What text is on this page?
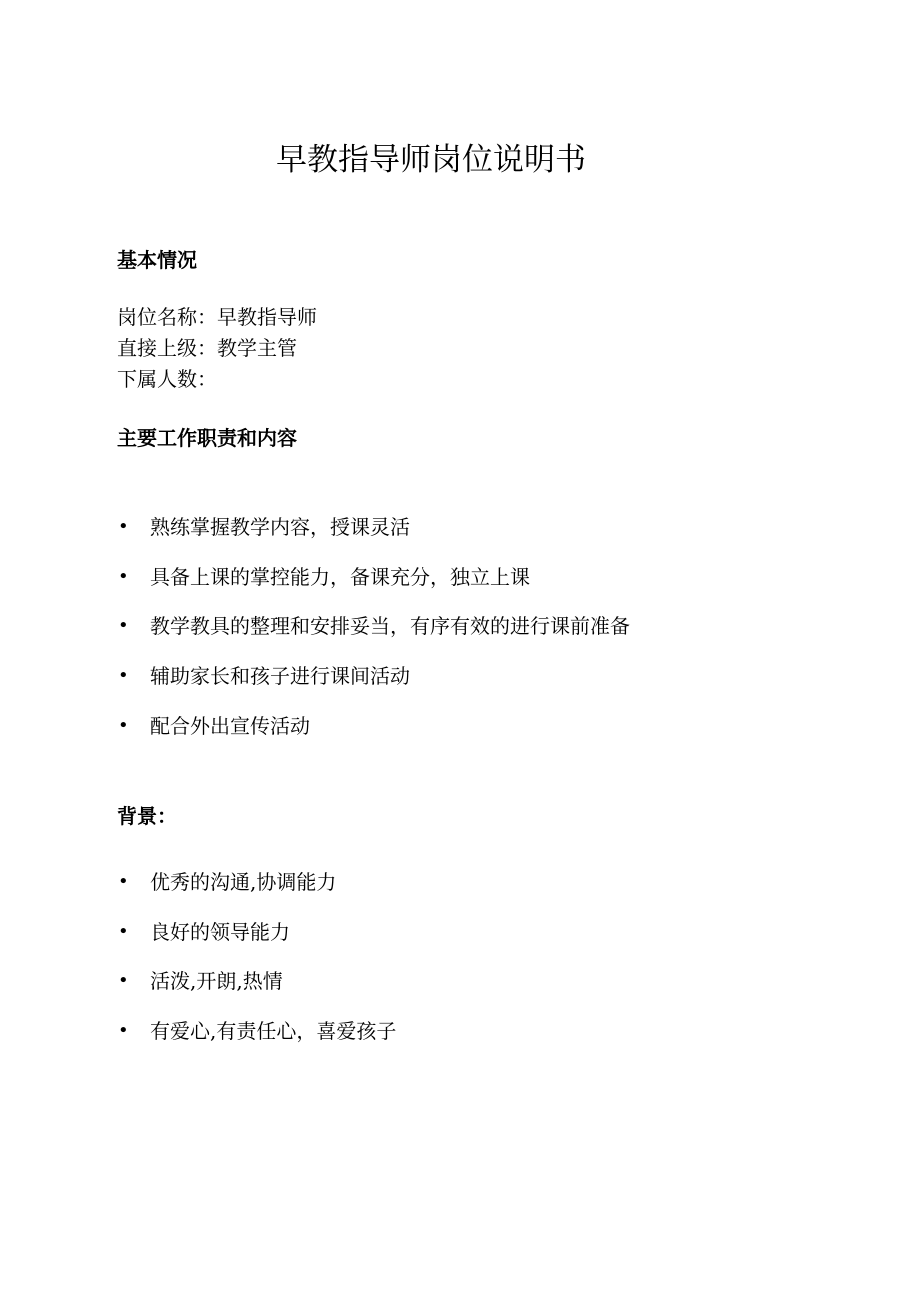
早教指导师岗位说明书
基本情况
岗位名称：早教指导师
直接上级：教学主管
下属人数：
主要工作职责和内容
•	熟练掌握教学内容，授课灵活
•	具备上课的掌控能力，备课充分，独立上课
•	教学教具的整理和安排妥当，有序有效的进行课前准备
•	辅助家长和孩子进行课间活动
•	配合外出宣传活动
背景：
•	优秀的沟通,协调能力
•	良好的领导能力
•	活泼,开朗,热情
•	有爱心,有责任心，喜爱孩子
